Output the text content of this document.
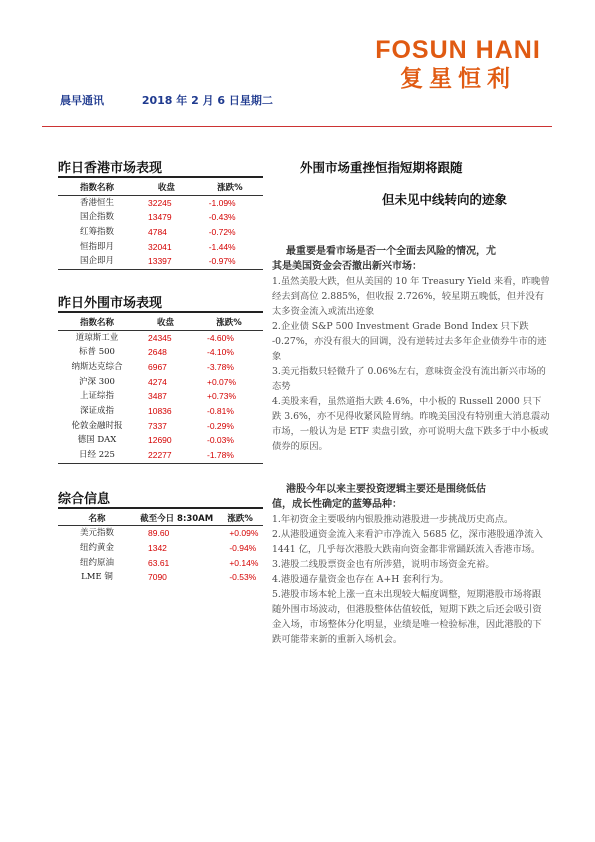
FOSUN HANI
复星恒利
晨早通讯	2018 年 2 月 6 日星期二
昨日香港市场表现
指数名称	收盘	涨跌%
香港恒生	32245	-1.09%
国企指数	13479	-0.43%
红筹指数	4784	-0.72%
恒指即月	32041	-1.44%
国企即月	13397	-0.97%
昨日外围市场表现
指数名称	收盘	涨跌%
道琼斯工业	24345	-4.60%
标普 500	2648	-4.10%
纳斯达克综合	6967	-3.78%
沪深 300	4274	+0.07%
上证综指	3487	+0.73%
深证成指	10836	-0.81%
伦敦金融时报	7337	-0.29%
德国 DAX	12690	-0.03%
日经 225	22277	-1.78%
综合信息
名称	截至今日 8:30AM	涨跌%
美元指数	89.60	+0.09%
纽约黄金	1342	-0.94%
纽约原油	63.61	+0.14%
LME 铜	7090	-0.53%
外围市场重挫恒指短期将跟随
但未见中线转向的迹象
最重要是看市场是否一个全面去风险的情况，尤
其是美国资金会否撤出新兴市场：

1.虽然美股大跌，但从美国的 10 年 Treasury Yield 来看，昨晚曾经去到高位 2.885%，但收报 2.726%，较星期五晚低，但并没有太多资金流入或流出迹象

2.企业债 S&P 500 Investment Grade Bond Index 只下跌 -0.27%，亦没有很大的回调，没有逆转过去多年企业债券牛市的迹象

3.美元指数只轻微升了 0.06%左右，意味资金没有流出新兴市场的态势

4.美股来看，虽然道指大跌 4.6%，中小板的 Russell 2000 只下跌 3.6%，亦不见得收紧风险胃纳。昨晚美国没有特别重大消息震动市场，一般认为是 ETF 卖盘引致，亦可说明大盘下跌多于中小板或债券的原因。

港股今年以来主要投资逻辑主要还是围绕低估
值，成长性确定的蓝筹品种：

1.年初资金主要吸纳内银股推动港股进一步挑战历史高点。

2.从港股通资金流入来看沪市净流入 5685 亿，深市港股通净流入 1441 亿，几乎每次港股大跌南向资金都非常踊跃流入香港市场。

3.港股二线股票资金也有所涉猎，说明市场资金充裕。

4.港股通存量资金也存在 A+H 套利行为。

5.港股市场本轮上涨一直未出现较大幅度调整，短期港股市场将跟随外围市场波动，但港股整体估值较低，短期下跌之后还会吸引资金入场，市场整体分化明显，业绩是唯一检验标准，因此港股的下跌可能带来新的重新入场机会。
